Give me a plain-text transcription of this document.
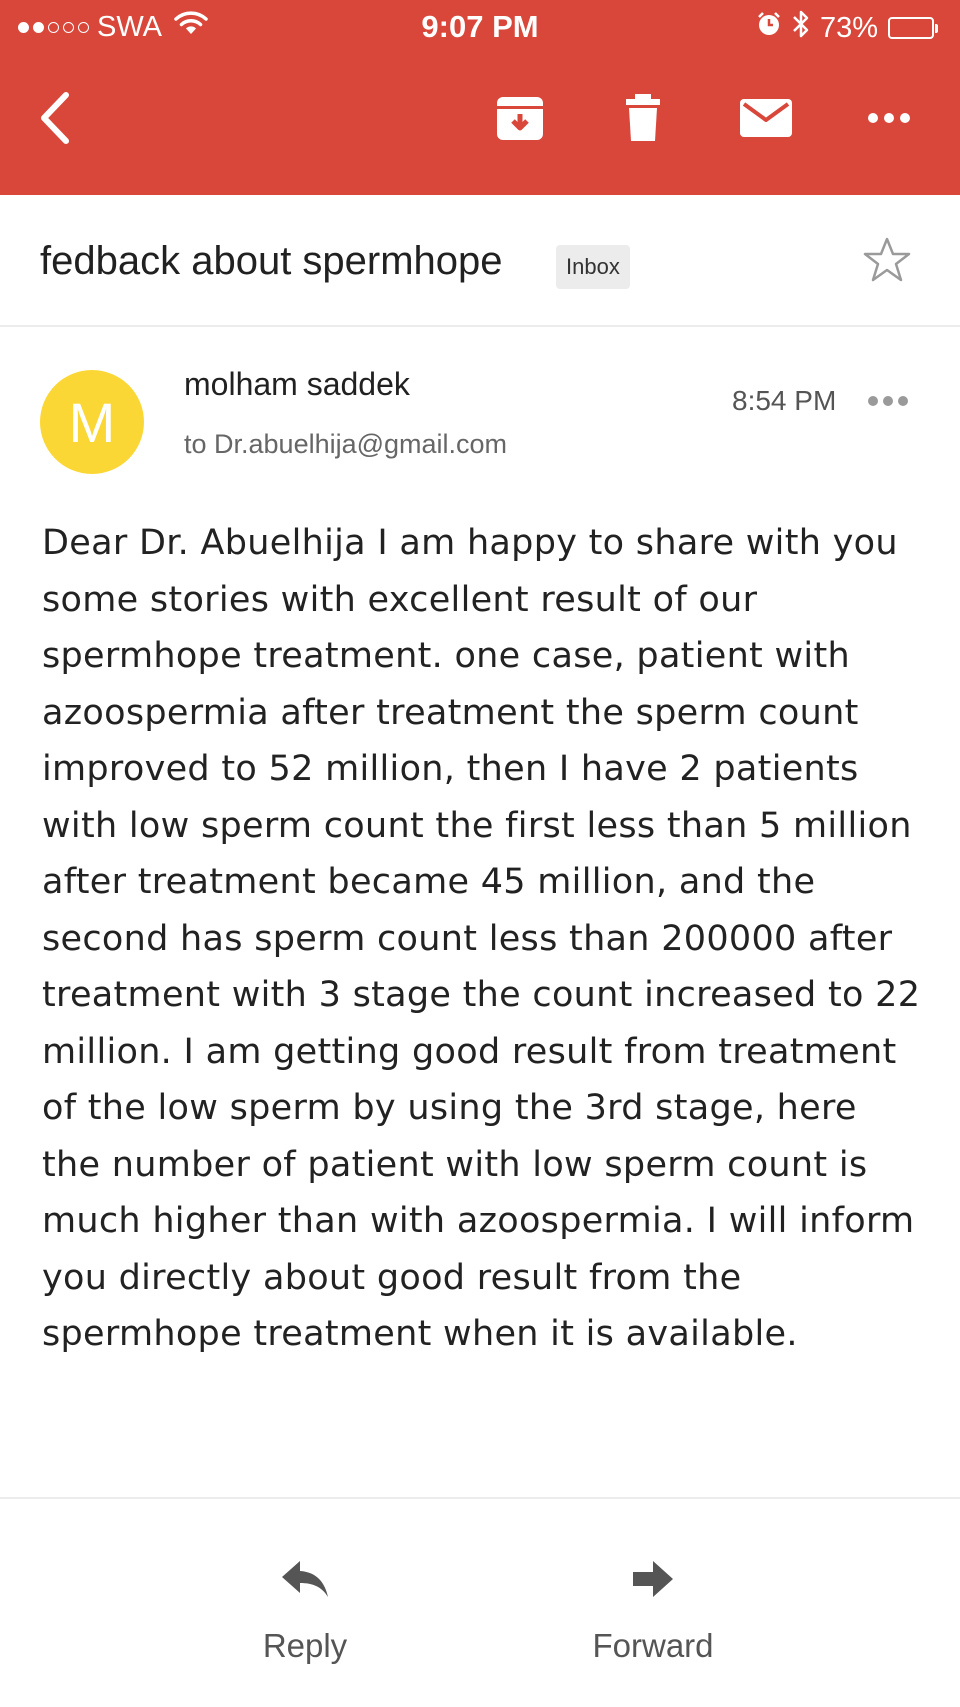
SWA	9:07 PM	73%
fedback about spermhope	Inbox
M
molham saddek
to Dr.abuelhija@gmail.com
8:54 PM
Dear Dr. Abuelhija I am happy to share with you some stories with excellent result of our spermhope treatment. one case, patient with azoospermia after treatment the sperm count improved to 52 million, then I have 2 patients with low sperm count the first less than 5 million after treatment became 45 million, and the second has sperm count less than 200000 after treatment with 3 stage the count increased to 22 million. I am getting good result from treatment of the low sperm by using the 3rd stage, here the number of patient with low sperm count is much higher than with azoospermia. I will inform you directly about good result from the spermhope treatment when it is available.
Reply	Forward
